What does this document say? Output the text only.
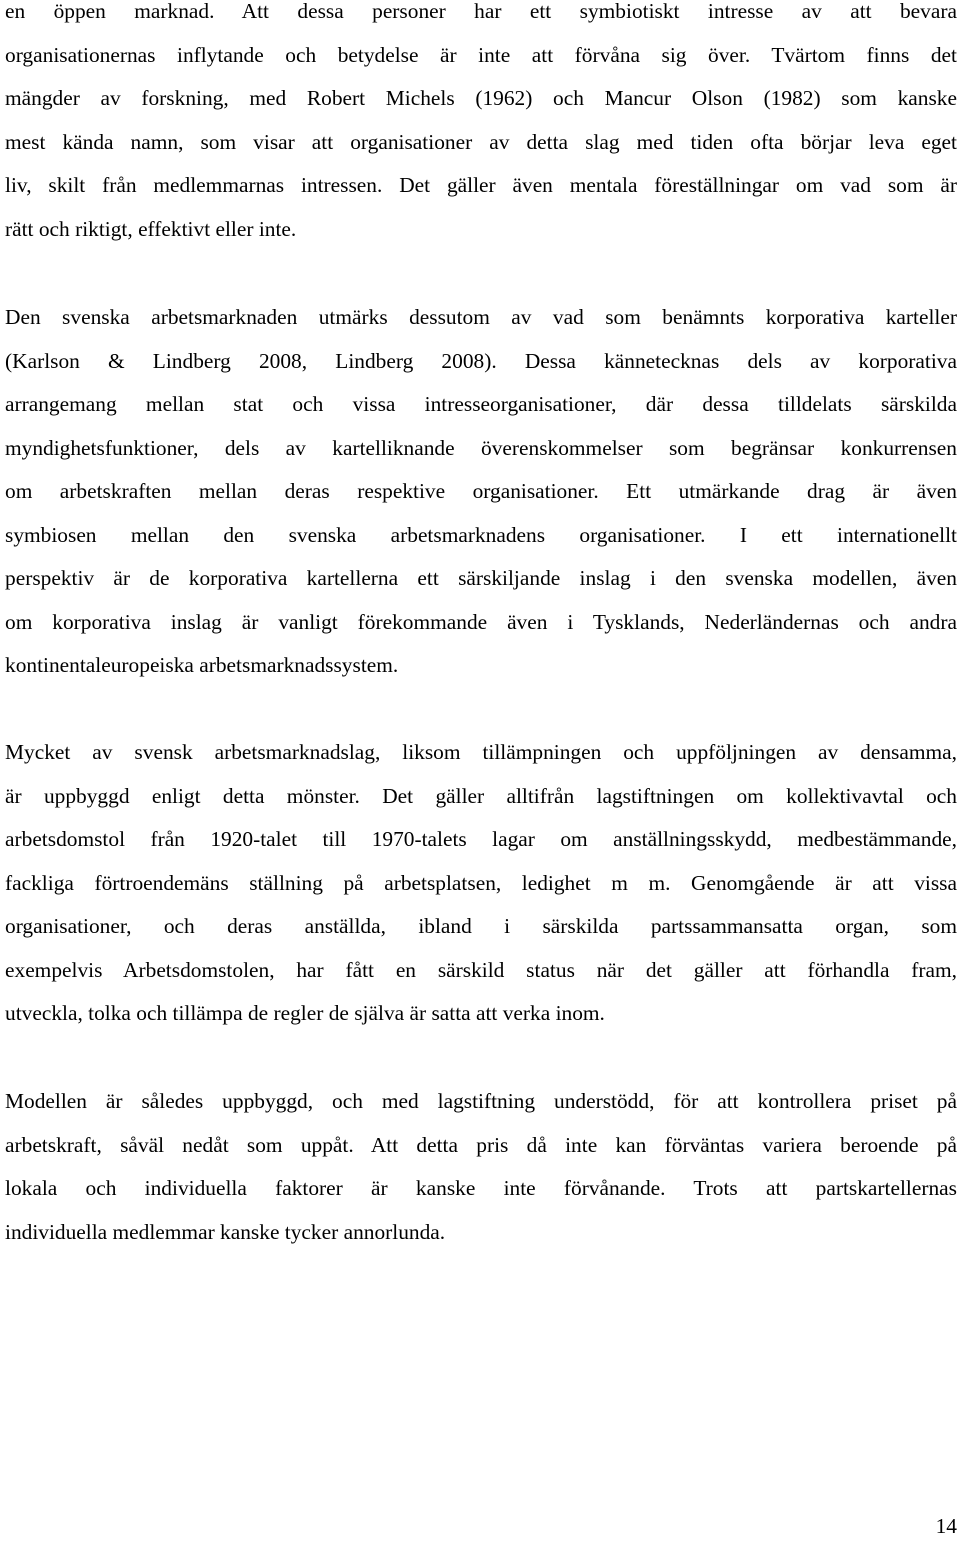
en öppen marknad. Att dessa personer har ett symbiotiskt intresse av att bevara
organisationernas inflytande och betydelse är inte att förvåna sig över. Tvärtom finns det
mängder av forskning, med Robert Michels (1962) och Mancur Olson (1982) som kanske
mest kända namn, som visar att organisationer av detta slag med tiden ofta börjar leva eget
liv, skilt från medlemmarnas intressen. Det gäller även mentala föreställningar om vad som är
rätt och riktigt, effektivt eller inte.
Den svenska arbetsmarknaden utmärks dessutom av vad som benämnts korporativa karteller
(Karlson & Lindberg 2008, Lindberg 2008). Dessa kännetecknas dels av korporativa
arrangemang mellan stat och vissa intresseorganisationer, där dessa tilldelats särskilda
myndighetsfunktioner, dels av kartelliknande överenskommelser som begränsar konkurrensen
om arbetskraften mellan deras respektive organisationer. Ett utmärkande drag är även
symbiosen mellan den svenska arbetsmarknadens organisationer. I ett internationellt
perspektiv är de korporativa kartellerna ett särskiljande inslag i den svenska modellen, även
om korporativa inslag är vanligt förekommande även i Tysklands, Nederländernas och andra
kontinentaleuropeiska arbetsmarknadssystem.
Mycket av svensk arbetsmarknadslag, liksom tillämpningen och uppföljningen av densamma,
är uppbyggd enligt detta mönster. Det gäller alltifrån lagstiftningen om kollektivavtal och
arbetsdomstol från 1920-talet till 1970-talets lagar om anställningsskydd, medbestämmande,
fackliga förtroendemäns ställning på arbetsplatsen, ledighet m m. Genomgående är att vissa
organisationer, och deras anställda, ibland i särskilda partssammansatta organ, som
exempelvis Arbetsdomstolen, har fått en särskild status när det gäller att förhandla fram,
utveckla, tolka och tillämpa de regler de själva är satta att verka inom.
Modellen är således uppbyggd, och med lagstiftning understödd, för att kontrollera priset på
arbetskraft, såväl nedåt som uppåt. Att detta pris då inte kan förväntas variera beroende på
lokala och individuella faktorer är kanske inte förvånande. Trots att partskartellernas
individuella medlemmar kanske tycker annorlunda.
14
